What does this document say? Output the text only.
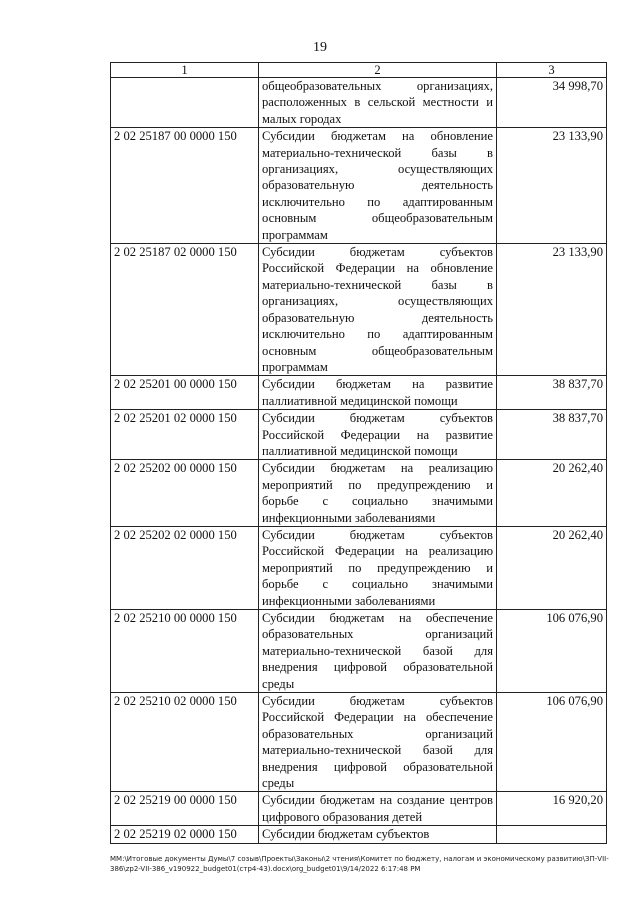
19
1	2	3
	общеобразовательных организациях, расположенных в сельской местности и малых городах	34 998,70
2 02 25187 00 0000 150	Субсидии бюджетам на обновление материально-технической базы в организациях, осуществляющих образовательную деятельность исключительно по адаптированным основным общеобразовательным программам	23 133,90
2 02 25187 02 0000 150	Субсидии бюджетам субъектов Российской Федерации на обновление материально-технической базы в организациях, осуществляющих образовательную деятельность исключительно по адаптированным основным общеобразовательным программам	23 133,90
2 02 25201 00 0000 150	Субсидии бюджетам на развитие паллиативной медицинской помощи	38 837,70
2 02 25201 02 0000 150	Субсидии бюджетам субъектов Российской Федерации на развитие паллиативной медицинской помощи	38 837,70
2 02 25202 00 0000 150	Субсидии бюджетам на реализацию мероприятий по предупреждению и борьбе с социально значимыми инфекционными заболеваниями	20 262,40
2 02 25202 02 0000 150	Субсидии бюджетам субъектов Российской Федерации на реализацию мероприятий по предупреждению и борьбе с социально значимыми инфекционными заболеваниями	20 262,40
2 02 25210 00 0000 150	Субсидии бюджетам на обеспечение образовательных организаций материально-технической базой для внедрения цифровой образовательной среды	106 076,90
2 02 25210 02 0000 150	Субсидии бюджетам субъектов Российской Федерации на обеспечение образовательных организаций материально-технической базой для внедрения цифровой образовательной среды	106 076,90
2 02 25219 00 0000 150	Субсидии бюджетам на создание центров цифрового образования детей	16 920,20
2 02 25219 02 0000 150	Субсидии бюджетам субъектов	
ММ:\Итоговые документы Думы\7 созыв\Проекты\Законы\2 чтения\Комитет по бюджету, налогам и экономическому развитию\ЗП-VII-386\zp2-VII-386_v190922_budget01(стр4-43).docx\org_budget01\9/14/2022 6:17:48 PM
